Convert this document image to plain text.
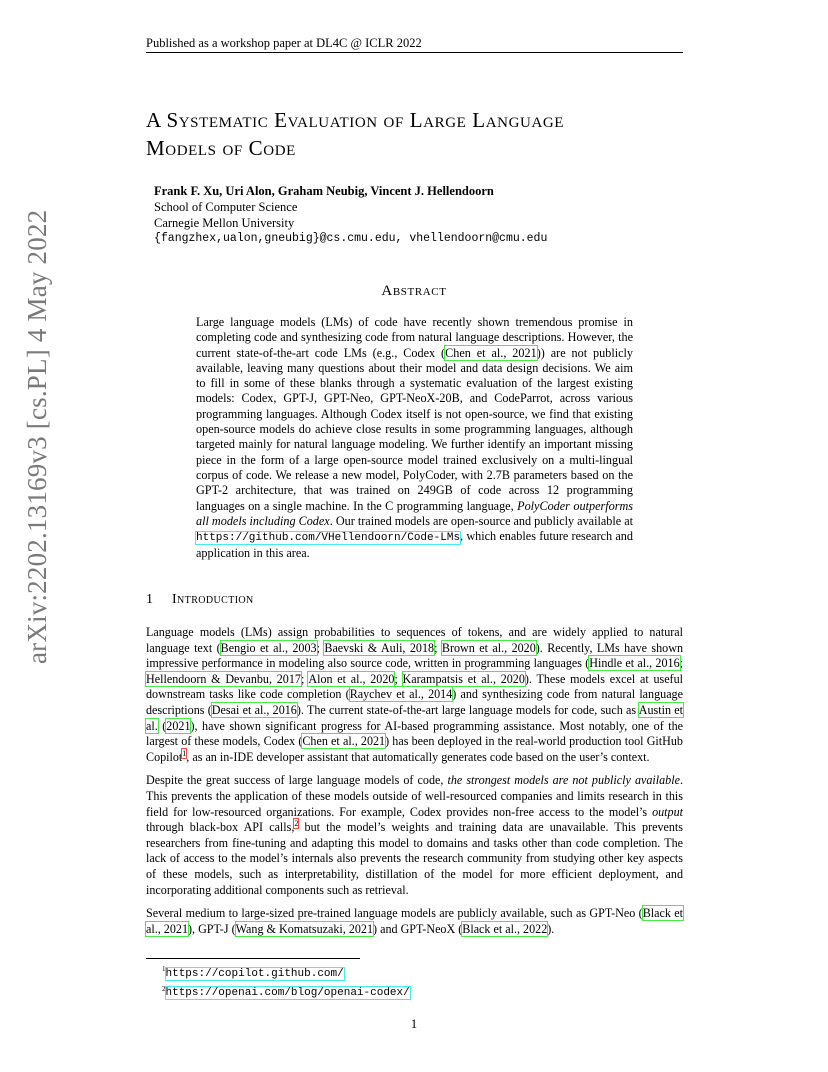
Published as a workshop paper at DL4C @ ICLR 2022
arXiv:2202.13169v3 [cs.PL] 4 May 2022
A Systematic Evaluation of Large Language
Models of Code
Frank F. Xu, Uri Alon, Graham Neubig, Vincent J. Hellendoorn
School of Computer Science
Carnegie Mellon University
{fangzhex,ualon,gneubig}@cs.cmu.edu, vhellendoorn@cmu.edu
Abstract
Large language models (LMs) of code have recently shown tremendous promise in completing code and synthesizing code from natural language descriptions. However, the current state-of-the-art code LMs (e.g., Codex (Chen et al., 2021)) are not publicly available, leaving many questions about their model and data design decisions. We aim to fill in some of these blanks through a systematic evaluation of the largest existing models: Codex, GPT-J, GPT-Neo, GPT-NeoX-20B, and CodeParrot, across various programming languages. Although Codex itself is not open-source, we find that existing open-source models do achieve close results in some programming languages, although targeted mainly for natural language modeling. We further identify an important missing piece in the form of a large open-source model trained exclusively on a multi-lingual corpus of code. We release a new model, PolyCoder, with 2.7B parameters based on the GPT-2 architecture, that was trained on 249GB of code across 12 programming languages on a single machine. In the C programming language, PolyCoder outperforms all models including Codex. Our trained models are open-source and publicly available at https://github.com/VHellendoorn/Code-LMs, which enables future research and application in this area.
1 Introduction

Language models (LMs) assign probabilities to sequences of tokens, and are widely applied to natural language text (Bengio et al., 2003; Baevski & Auli, 2018; Brown et al., 2020). Recently, LMs have shown impressive performance in modeling also source code, written in programming languages (Hindle et al., 2016; Hellendoorn & Devanbu, 2017; Alon et al., 2020; Karampatsis et al., 2020). These models excel at useful downstream tasks like code completion (Raychev et al., 2014) and synthesizing code from natural language descriptions (Desai et al., 2016). The current state-of-the-art large language models for code, such as Austin et al. (2021), have shown significant progress for AI-based programming assistance. Most notably, one of the largest of these models, Codex (Chen et al., 2021) has been deployed in the real-world production tool GitHub Copilot$^1$, as an in-IDE developer assistant that automatically generates code based on the user’s context.

Despite the great success of large language models of code, the strongest models are not publicly available. This prevents the application of these models outside of well-resourced companies and limits research in this field for low-resourced organizations. For example, Codex provides non-free access to the model’s output through black-box API calls,$^2$ but the model’s weights and training data are unavailable. This prevents researchers from fine-tuning and adapting this model to domains and tasks other than code completion. The lack of access to the model’s internals also prevents the research community from studying other key aspects of these models, such as interpretability, distillation of the model for more efficient deployment, and incorporating additional components such as retrieval.

Several medium to large-sized pre-trained language models are publicly available, such as GPT-Neo (Black et al., 2021), GPT-J (Wang & Komatsuzaki, 2021) and GPT-NeoX (Black et al., 2022).

$^1$https://copilot.github.com/
$^2$https://openai.com/blog/openai-codex/
1
